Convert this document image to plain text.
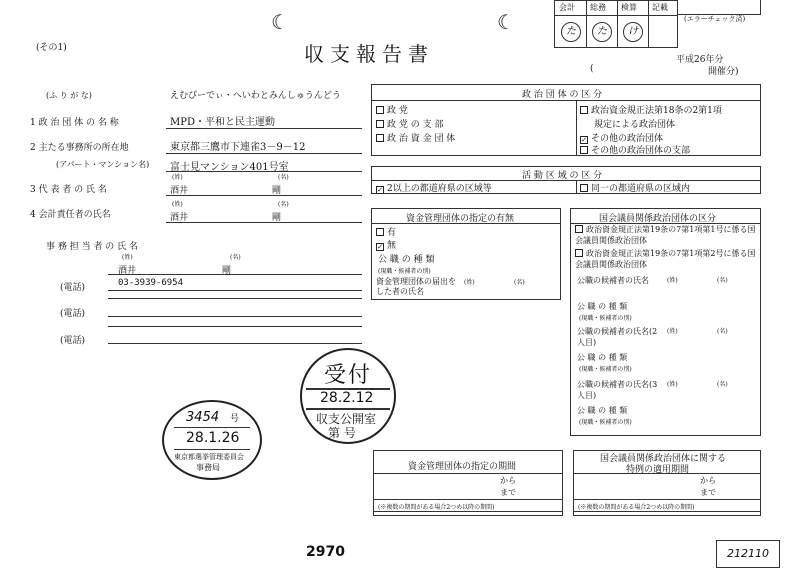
(その1)	収支報告書
☾	☾
会計 総務 検算 記載
た	た	け
(エラーチェック済)
平成26年分
(	開催分)
(ふ り が な)	えむぴーでぃ・へいわとみんしゅうんどう
1 政 治 団 体 の 名 称	MPD・平和と民主運動
2 主たる事務所の所在地	東京都三鷹市下連雀3－9－12
(アパート・マンション名) 富士見マンション401号室
3 代 表 者 の 氏 名
(姓)	(名)
酒井	剛
4 会計責任者の氏名
(姓)	(名)
酒井	剛
事 務 担 当 者 の 氏 名
(姓)	(名)
酒井	剛
(電話)	03-3939-6954
(電話)
(電話)
政 治 団 体 の 区 分
政 党	政治資金規正法第18条の2第1項
政 党 の 支 部	規定による政治団体
政 治 資 金 団 体	✓ その他の政治団体
その他の政治団体の支部
活 動 区 域 の 区 分
✓ 2以上の都道府県の区域等	同一の都道府県の区域内
資金管理団体の指定の有無
有
✓ 無
公 職 の 種 類
(現職・候補者の別)
資金管理団体の届出をした者の氏名
(姓)	(名)
国会議員関係政治団体の区分
政治資金規正法第19条の7第1項第1号に係る国会議員関係政治団体
政治資金規正法第19条の7第1項第2号に係る国会議員関係政治団体
公職の候補者の氏名	(姓)	(名)
公 職 の 種 類
(現職・候補者の別)
公職の候補者の氏名(2人目)
(姓)	(名)
公 職 の 種 類
(現職・候補者の別)
公職の候補者の氏名(3人目)
(姓)	(名)
公 職 の 種 類
(現職・候補者の別)
資金管理団体の指定の期間
から
まで
(※複数の期間がある場合2つめ以降の期間)
国会議員関係政治団体に関する
特例の適用期間
から
まで
(※複数の期間がある場合2つめ以降の期間)
受付
28.2.12
収支公開室
第 号
3454 号
28.1.26
東京都選挙管理委員会
事務局
2970	212110
